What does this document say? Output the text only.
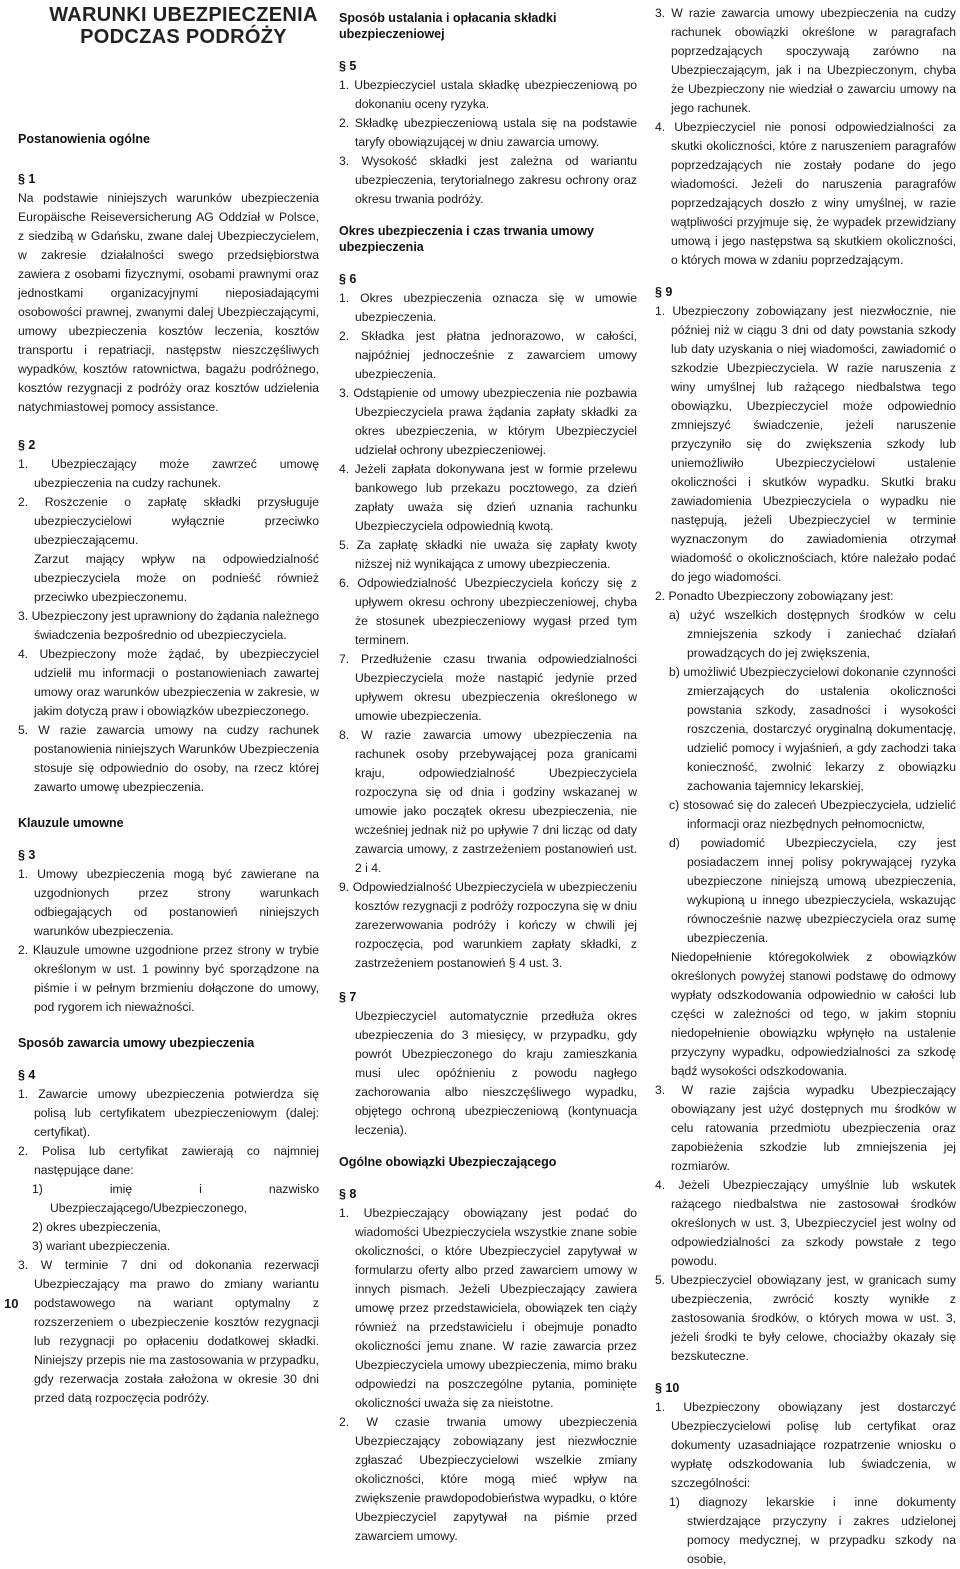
WARUNKI UBEZPIECZENIA
PODCZAS PODRÓŻY
Postanowienia ogólne
§ 1
Na podstawie niniejszych warunków ubezpieczenia Europäische Reiseversicherung AG Oddział w Polsce, z siedzibą w Gdańsku, zwane dalej Ubezpieczycielem, w zakresie działalności swego przedsiębiorstwa zawiera z osobami fizycznymi, osobami prawnymi oraz jednostkami organizacyjnymi nieposiadającymi osobowości prawnej, zwanymi dalej Ubezpieczającymi, umowy ubezpieczenia kosztów leczenia, kosztów transportu i repatriacji, następstw nieszczęśliwych wypadków, kosztów ratownictwa, bagażu podróżnego, kosztów rezygnacji z podróży oraz kosztów udzielenia natychmiastowej pomocy assistance.
§ 2
1. Ubezpieczający może zawrzeć umowę ubezpieczenia na cudzy rachunek.
2. Roszczenie o zapłatę składki przysługuje ubezpieczycielowi wyłącznie przeciwko ubezpieczającemu.
Zarzut mający wpływ na odpowiedzialność ubezpieczyciela może on podnieść również przeciwko ubezpieczonemu.
3. Ubezpieczony jest uprawniony do żądania należnego świadczenia bezpośrednio od ubezpieczyciela.
4. Ubezpieczony może żądać, by ubezpieczyciel udzielił mu informacji o postanowieniach zawartej umowy oraz warunków ubezpieczenia w zakresie, w jakim dotyczą praw i obowiązków ubezpieczonego.
5. W razie zawarcia umowy na cudzy rachunek postanowienia niniejszych Warunków Ubezpieczenia stosuje się odpowiednio do osoby, na rzecz której zawarto umowę ubezpieczenia.
Klauzule umowne
§ 3
1. Umowy ubezpieczenia mogą być zawierane na uzgodnionych przez strony warunkach odbiegających od postanowień niniejszych warunków ubezpieczenia.
2. Klauzule umowne uzgodnione przez strony w trybie określonym w ust. 1 powinny być sporządzone na piśmie i w pełnym brzmieniu dołączone do umowy, pod rygorem ich nieważności.
Sposób zawarcia umowy ubezpieczenia
§ 4
1. Zawarcie umowy ubezpieczenia potwierdza się polisą lub certyfikatem ubezpieczeniowym (dalej: certyfikat).
2. Polisa lub certyfikat zawierają co najmniej następujące dane:
1) imię i nazwisko Ubezpieczającego/Ubezpieczonego,
2) okres ubezpieczenia,
3) wariant ubezpieczenia.
3. W terminie 7 dni od dokonania rezerwacji Ubezpieczający ma prawo do zmiany wariantu podstawowego na wariant optymalny z rozszerzeniem o ubezpieczenie kosztów rezygnacji lub rezygnacji po opłaceniu dodatkowej składki. Niniejszy przepis nie ma zastosowania w przypadku, gdy rezerwacja została założona w okresie 30 dni przed datą rozpoczęcia podróży.
Sposób ustalania i opłacania składki ubezpieczeniowej
§ 5
1. Ubezpieczyciel ustala składkę ubezpieczeniową po dokonaniu oceny ryzyka.
2. Składkę ubezpieczeniową ustala się na podstawie taryfy obowiązującej w dniu zawarcia umowy.
3. Wysokość składki jest zależna od wariantu ubezpieczenia, terytorialnego zakresu ochrony oraz okresu trwania podróży.
Okres ubezpieczenia i czas trwania umowy ubezpieczenia
§ 6
1. Okres ubezpieczenia oznacza się w umowie ubezpieczenia.
2. Składka jest płatna jednorazowo, w całości, najpóźniej jednocześnie z zawarciem umowy ubezpieczenia.
3. Odstąpienie od umowy ubezpieczenia nie pozbawia Ubezpieczyciela prawa żądania zapłaty składki za okres ubezpieczenia, w którym Ubezpieczyciel udzielał ochrony ubezpieczeniowej.
4. Jeżeli zapłata dokonywana jest w formie przelewu bankowego lub przekazu pocztowego, za dzień zapłaty uważa się dzień uznania rachunku Ubezpieczyciela odpowiednią kwotą.
5. Za zapłatę składki nie uważa się zapłaty kwoty niższej niż wynikająca z umowy ubezpieczenia.
6. Odpowiedzialność Ubezpieczyciela kończy się z upływem okresu ochrony ubezpieczeniowej, chyba że stosunek ubezpieczeniowy wygasł przed tym terminem.
7. Przedłużenie czasu trwania odpowiedzialności Ubezpieczyciela może nastąpić jedynie przed upływem okresu ubezpieczenia określonego w umowie ubezpieczenia.
8. W razie zawarcia umowy ubezpieczenia na rachunek osoby przebywającej poza granicami kraju, odpowiedzialność Ubezpieczyciela rozpoczyna się od dnia i godziny wskazanej w umowie jako początek okresu ubezpieczenia, nie wcześniej jednak niż po upływie 7 dni licząc od daty zawarcia umowy, z zastrzeżeniem postanowień ust. 2 i 4.
9. Odpowiedzialność Ubezpieczyciela w ubezpieczeniu kosztów rezygnacji z podróży rozpoczyna się w dniu zarezerwowania podróży i kończy w chwili jej rozpoczęcia, pod warunkiem zapłaty składki, z zastrzeżeniem postanowień § 4 ust. 3.
§ 7
Ubezpieczyciel automatycznie przedłuża okres ubezpieczenia do 3 miesięcy, w przypadku, gdy powrót Ubezpieczonego do kraju zamieszkania musi ulec opóźnieniu z powodu nagłego zachorowania albo nieszczęśliwego wypadku, objętego ochroną ubezpieczeniową (kontynuacja leczenia).
Ogólne obowiązki Ubezpieczającego
§ 8
1. Ubezpieczający obowiązany jest podać do wiadomości Ubezpieczyciela wszystkie znane sobie okoliczności, o które Ubezpieczyciel zapytywał w formularzu oferty albo przed zawarciem umowy w innych pismach. Jeżeli Ubezpieczający zawiera umowę przez przedstawiciela, obowiązek ten ciąży również na przedstawicielu i obejmuje ponadto okoliczności jemu znane. W razie zawarcia przez Ubezpieczyciela umowy ubezpieczenia, mimo braku odpowiedzi na poszczególne pytania, pominięte okoliczności uważa się za nieistotne.
2. W czasie trwania umowy ubezpieczenia Ubezpieczający zobowiązany jest niezwłocznie zgłaszać Ubezpieczycielowi wszelkie zmiany okoliczności, które mogą mieć wpływ na zwiększenie prawdopodobieństwa wypadku, o które Ubezpieczyciel zapytywał na piśmie przed zawarciem umowy.
3. W razie zawarcia umowy ubezpieczenia na cudzy rachunek obowiązki określone w paragrafach poprzedzających spoczywają zarówno na Ubezpieczającym, jak i na Ubezpieczonym, chyba że Ubezpieczony nie wiedział o zawarciu umowy na jego rachunek.
4. Ubezpieczyciel nie ponosi odpowiedzialności za skutki okoliczności, które z naruszeniem paragrafów poprzedzających nie zostały podane do jego wiadomości. Jeżeli do naruszenia paragrafów poprzedzających doszło z winy umyślnej, w razie wątpliwości przyjmuje się, że wypadek przewidziany umową i jego następstwa są skutkiem okoliczności, o których mowa w zdaniu poprzedzającym.
§ 9
1. Ubezpieczony zobowiązany jest niezwłocznie, nie później niż w ciągu 3 dni od daty powstania szkody lub daty uzyskania o niej wiadomości, zawiadomić o szkodzie Ubezpieczyciela. W razie naruszenia z winy umyślnej lub rażącego niedbalstwa tego obowiązku, Ubezpieczyciel może odpowiednio zmniejszyć świadczenie, jeżeli naruszenie przyczyniło się do zwiększenia szkody lub uniemożliwiło Ubezpieczycielowi ustalenie okoliczności i skutków wypadku. Skutki braku zawiadomienia Ubezpieczyciela o wypadku nie następują, jeżeli Ubezpieczyciel w terminie wyznaczonym do zawiadomienia otrzymał wiadomość o okolicznościach, które należało podać do jego wiadomości.
2. Ponadto Ubezpieczony zobowiązany jest:
a) użyć wszelkich dostępnych środków w celu zmniejszenia szkody i zaniechać działań prowadzących do jej zwiększenia,
b) umożliwić Ubezpieczycielowi dokonanie czynności zmierzających do ustalenia okoliczności powstania szkody, zasadności i wysokości roszczenia, dostarczyć oryginalną dokumentację, udzielić pomocy i wyjaśnień, a gdy zachodzi taka konieczność, zwolnić lekarzy z obowiązku zachowania tajemnicy lekarskiej,
c) stosować się do zaleceń Ubezpieczyciela, udzielić informacji oraz niezbędnych pełnomocnictw,
d) powiadomić Ubezpieczyciela, czy jest posiadaczem innej polisy pokrywającej ryzyka ubezpieczone niniejszą umową ubezpieczenia, wykupioną u innego ubezpieczyciela, wskazując równocześnie nazwę ubezpieczyciela oraz sumę ubezpieczenia.
Niedopełnienie któregokolwiek z obowiązków określonych powyżej stanowi podstawę do odmowy wypłaty odszkodowania odpowiednio w całości lub części w zależności od tego, w jakim stopniu niedopełnienie obowiązku wpłynęło na ustalenie przyczyny wypadku, odpowiedzialności za szkodę bądź wysokości odszkodowania.
3. W razie zajścia wypadku Ubezpieczający obowiązany jest użyć dostępnych mu środków w celu ratowania przedmiotu ubezpieczenia oraz zapobieżenia szkodzie lub zmniejszenia jej rozmiarów.
4. Jeżeli Ubezpieczający umyślnie lub wskutek rażącego niedbalstwa nie zastosował środków określonych w ust. 3, Ubezpieczyciel jest wolny od odpowiedzialności za szkody powstałe z tego powodu.
5. Ubezpieczyciel obowiązany jest, w granicach sumy ubezpieczenia, zwrócić koszty wynikłe z zastosowania środków, o których mowa w ust. 3, jeżeli środki te były celowe, chociażby okazały się bezskuteczne.
§ 10
1. Ubezpieczony obowiązany jest dostarczyć Ubezpieczycielowi polisę lub certyfikat oraz dokumenty uzasadniające rozpatrzenie wniosku o wypłatę odszkodowania lub świadczenia, w szczególności:
1) diagnozy lekarskie i inne dokumenty stwierdzające przyczyny i zakres udzielonej pomocy medycznej, w przypadku szkody na osobie,
10
